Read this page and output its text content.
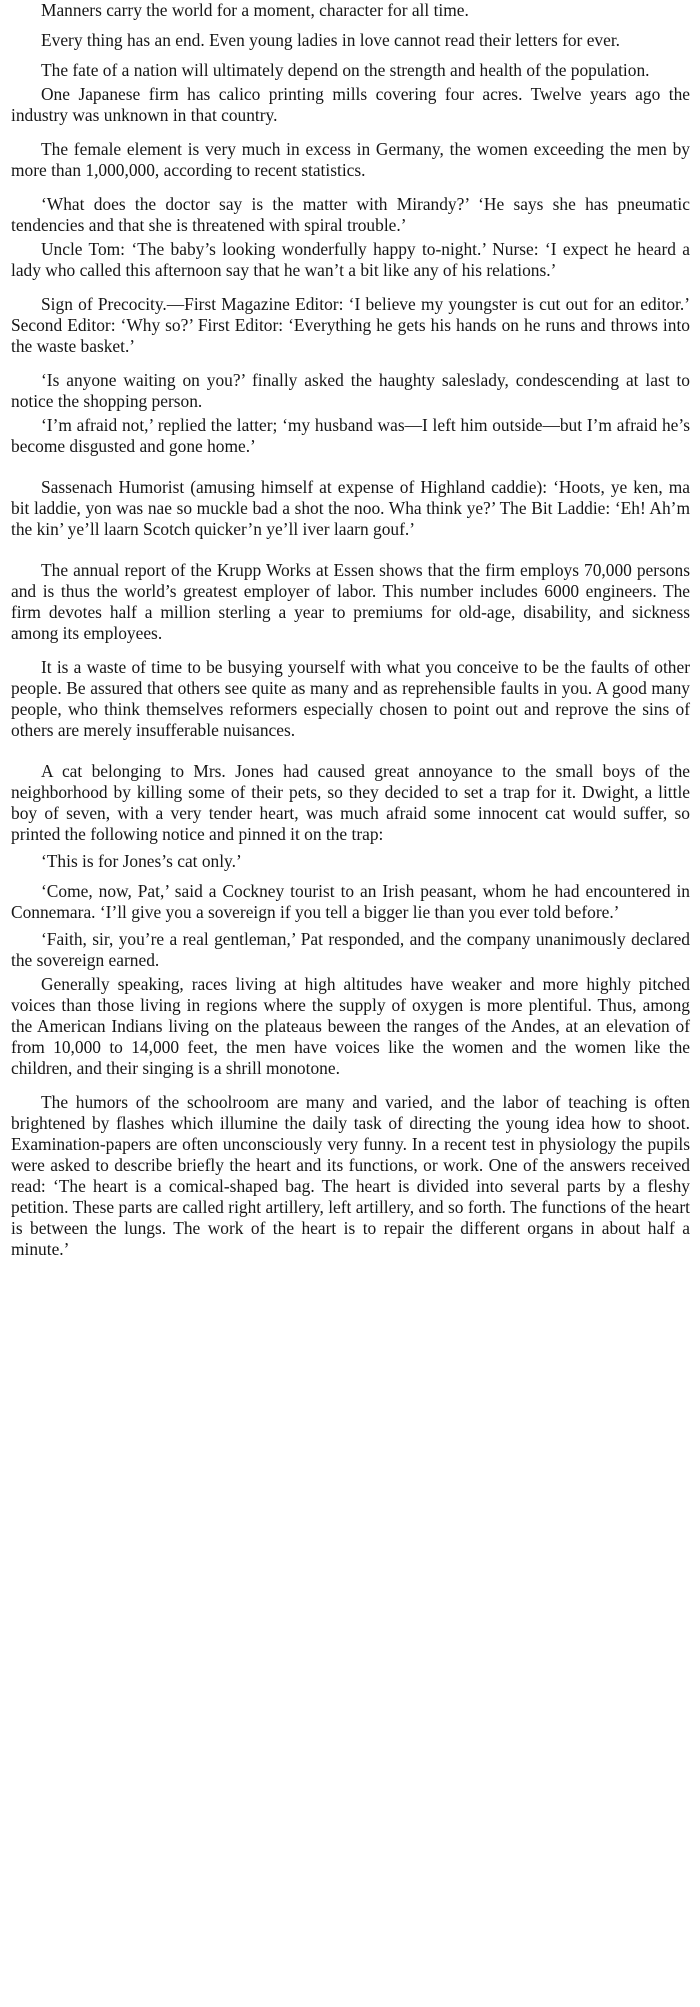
Manners carry the world for a moment, character for all time.

Every thing has an end. Even young ladies in love cannot read their letters for ever.

The fate of a nation will ultimately depend on the strength and health of the population.

One Japanese firm has calico printing mills covering four acres. Twelve years ago the industry was unknown in that country.

The female element is very much in excess in Germany, the women exceeding the men by more than 1,000,000, according to recent statistics.

‘What does the doctor say is the matter with Mirandy?’ ‘He says she has pneumatic tendencies and that she is threatened with spiral trouble.’

Uncle Tom: ‘The baby’s looking wonderfully happy to-night.’ Nurse: ‘I expect he heard a lady who called this afternoon say that he wan’t a bit like any of his relations.’

Sign of Precocity.—First Magazine Editor: ‘I believe my youngster is cut out for an editor.’ Second Editor: ‘Why so?’ First Editor: ‘Everything he gets his hands on he runs and throws into the waste basket.’

‘Is anyone waiting on you?’ finally asked the haughty saleslady, condescending at last to notice the shopping person.

‘I’m afraid not,’ replied the latter; ‘my husband was—I left him outside—but I’m afraid he’s become disgusted and gone home.’

Sassenach Humorist (amusing himself at expense of Highland caddie): ‘Hoots, ye ken, ma bit laddie, yon was nae so muckle bad a shot the noo. Wha think ye?’ The Bit Laddie: ‘Eh! Ah’m the kin’ ye’ll laarn Scotch quicker’n ye’ll iver laarn gouf.’

The annual report of the Krupp Works at Essen shows that the firm employs 70,000 persons and is thus the world’s greatest employer of labor. This number includes 6000 engineers. The firm devotes half a million sterling a year to premiums for old-age, disability, and sickness among its employees.

It is a waste of time to be busying yourself with what you conceive to be the faults of other people. Be assured that others see quite as many and as reprehensible faults in you. A good many people, who think themselves reformers especially chosen to point out and reprove the sins of others are merely insufferable nuisances.

A cat belonging to Mrs. Jones had caused great annoyance to the small boys of the neighborhood by killing some of their pets, so they decided to set a trap for it. Dwight, a little boy of seven, with a very tender heart, was much afraid some innocent cat would suffer, so printed the following notice and pinned it on the trap:

‘This is for Jones’s cat only.’

‘Come, now, Pat,’ said a Cockney tourist to an Irish peasant, whom he had encountered in Connemara. ‘I’ll give you a sovereign if you tell a bigger lie than you ever told before.’

‘Faith, sir, you’re a real gentleman,’ Pat responded, and the company unanimously declared the sovereign earned.

Generally speaking, races living at high altitudes have weaker and more highly pitched voices than those living in regions where the supply of oxygen is more plentiful. Thus, among the American Indians living on the plateaus beween the ranges of the Andes, at an elevation of from 10,000 to 14,000 feet, the men have voices like the women and the women like the children, and their singing is a shrill monotone.

The humors of the schoolroom are many and varied, and the labor of teaching is often brightened by flashes which illumine the daily task of directing the young idea how to shoot. Examination-papers are often unconsciously very funny. In a recent test in physiology the pupils were asked to describe briefly the heart and its functions, or work. One of the answers received read: ‘The heart is a comical-shaped bag. The heart is divided into several parts by a fleshy petition. These parts are called right artillery, left artillery, and so forth. The functions of the heart is between the lungs. The work of the heart is to repair the different organs in about half a minute.’
